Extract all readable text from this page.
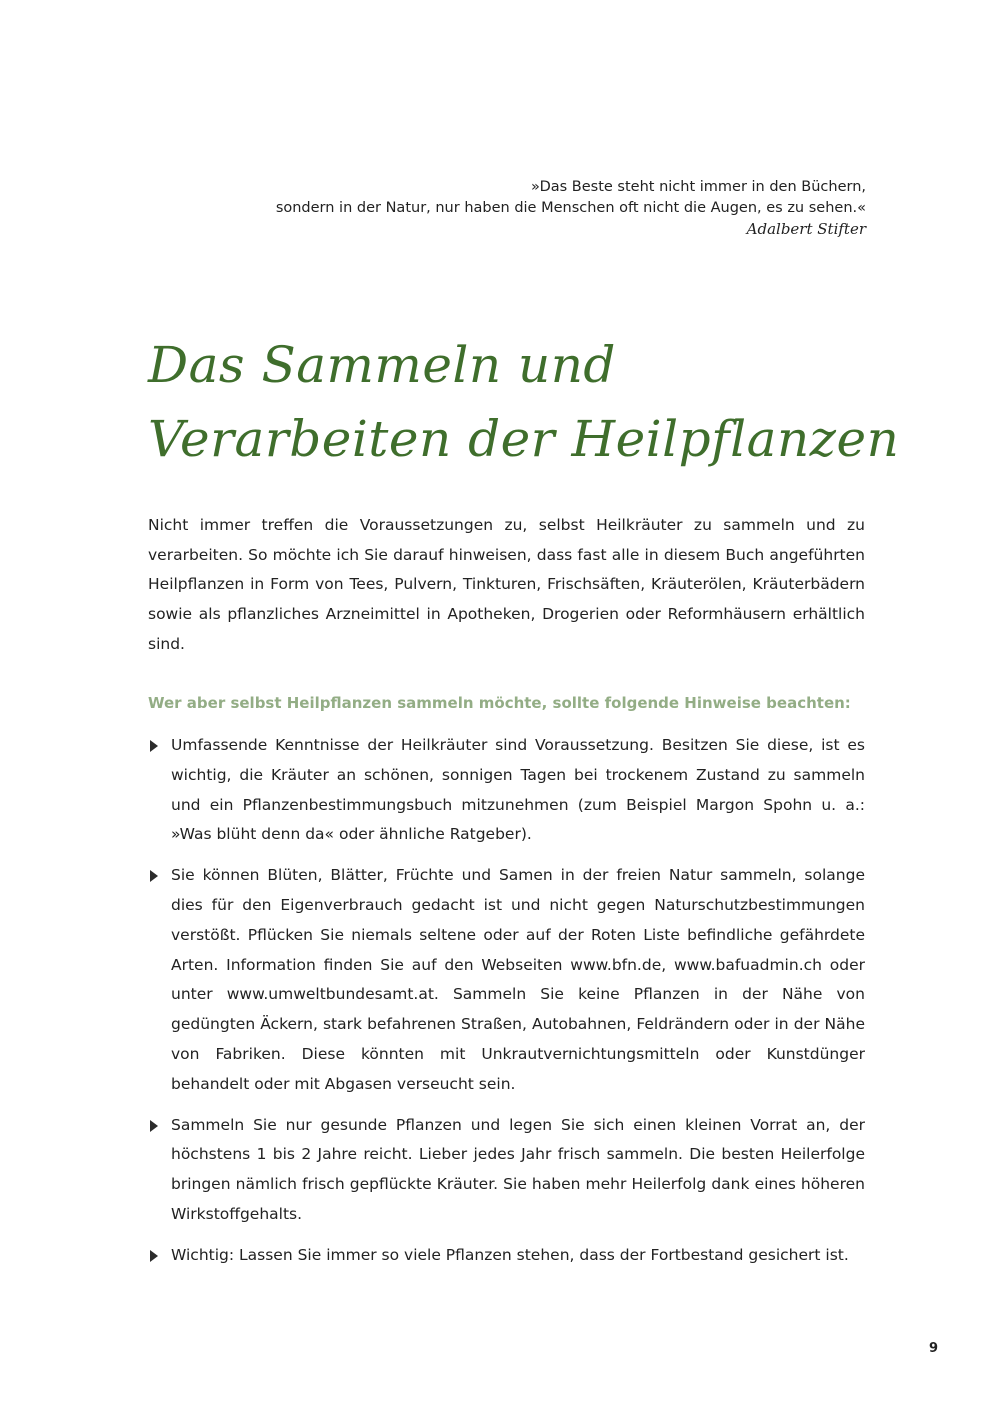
»Das Beste steht nicht immer in den Büchern,
sondern in der Natur, nur haben die Menschen oft nicht die Augen, es zu sehen.«
Adalbert Stifter
Das Sammeln und
Verarbeiten der Heilpflanzen

Nicht immer treffen die Voraussetzungen zu, selbst Heilkräuter zu sammeln und zu verarbeiten. So möchte ich Sie darauf hinweisen, dass fast alle in diesem Buch angeführten Heilpflanzen in Form von Tees, Pulvern, Tinkturen, Frischsäften, Kräuterölen, Kräuterbädern sowie als pflanzliches Arzneimittel in Apotheken, Drogerien oder Reformhäusern erhältlich sind.

Wer aber selbst Heilpflanzen sammeln möchte, sollte folgende Hinweise beachten:

Umfassende Kenntnisse der Heilkräuter sind Voraussetzung. Besitzen Sie diese, ist es wichtig, die Kräuter an schönen, sonnigen Tagen bei trockenem Zustand zu sammeln und ein Pflanzenbestimmungsbuch mitzunehmen (zum Beispiel Margon Spohn u. a.: »Was blüht denn da« oder ähnliche Ratgeber).
Sie können Blüten, Blätter, Früchte und Samen in der freien Natur sammeln, solange dies für den Eigenverbrauch gedacht ist und nicht gegen Naturschutzbestimmungen verstößt. Pflücken Sie niemals seltene oder auf der Roten Liste befindliche gefährdete Arten. Information finden Sie auf den Webseiten www.bfn.de, www.bafuadmin.ch oder unter www.umweltbundesamt.at. Sammeln Sie keine Pflanzen in der Nähe von gedüngten Äckern, stark befahrenen Straßen, Autobahnen, Feldrändern oder in der Nähe von Fabriken. Diese könnten mit Unkrautvernichtungsmitteln oder Kunstdünger behandelt oder mit Abgasen verseucht sein.
Sammeln Sie nur gesunde Pflanzen und legen Sie sich einen kleinen Vorrat an, der höchstens 1 bis 2 Jahre reicht. Lieber jedes Jahr frisch sammeln. Die besten Heilerfolge bringen nämlich frisch gepflückte Kräuter. Sie haben mehr Heilerfolg dank eines höheren Wirkstoffgehalts.
Wichtig: Lassen Sie immer so viele Pflanzen stehen, dass der Fortbestand gesichert ist.
9
